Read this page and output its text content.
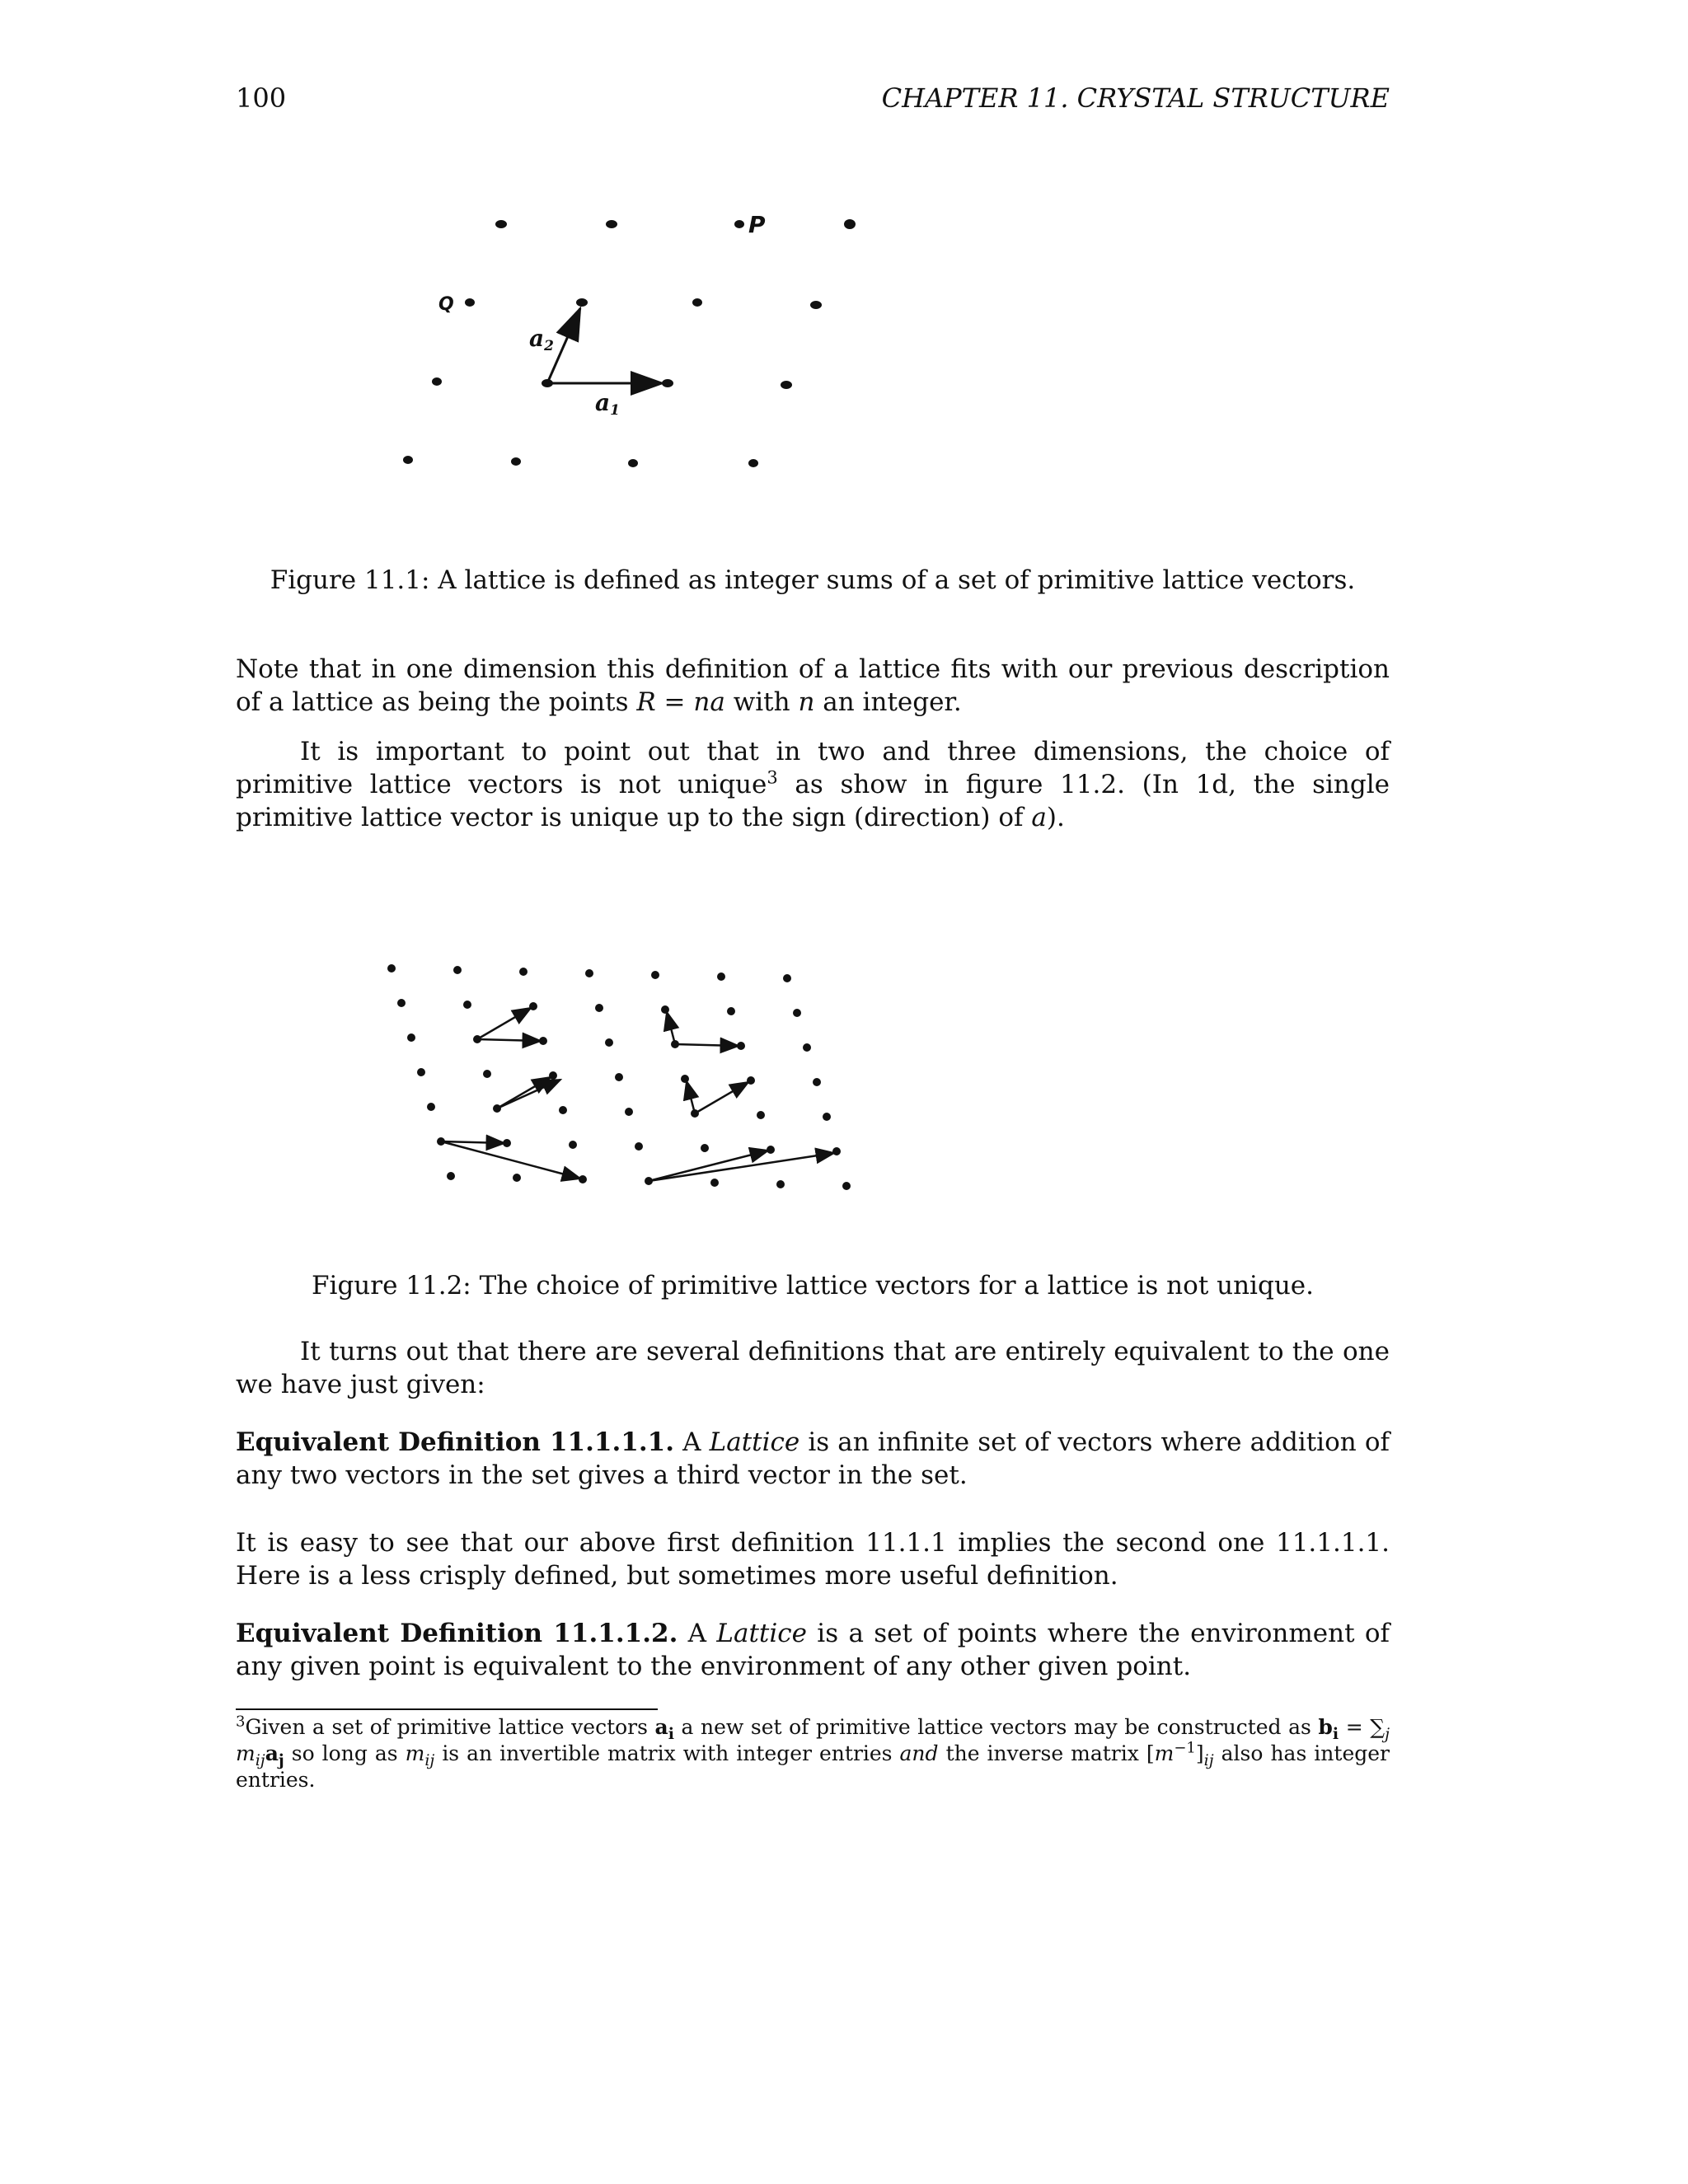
100	CHAPTER 11. CRYSTAL STRUCTURE
P
Q
a1
a2
Figure 11.1: A lattice is defined as integer sums of a set of primitive lattice vectors.
Note that in one dimension this definition of a lattice fits with our previous description of a lattice as being the points R = na with n an integer.
It is important to point out that in two and three dimensions, the choice of primitive lattice vectors is not unique$^3$ as show in figure 11.2. (In 1d, the single primitive lattice vector is unique up to the sign (direction) of a).
Figure 11.2: The choice of primitive lattice vectors for a lattice is not unique.
It turns out that there are several definitions that are entirely equivalent to the one we have just given:
Equivalent Definition 11.1.1.1. A Lattice is an infinite set of vectors where addition of any two vectors in the set gives a third vector in the set.
It is easy to see that our above first definition 11.1.1 implies the second one 11.1.1.1. Here is a less crisply defined, but sometimes more useful definition.
Equivalent Definition 11.1.1.2. A Lattice is a set of points where the environment of any given point is equivalent to the environment of any other given point.
$^3$Given a set of primitive lattice vectors $a_i$ a new set of primitive lattice vectors may be constructed as $b_i = \sum_j$ $m_{ij}a_j$ so long as $m_{ij}$ is an invertible matrix with integer entries and the inverse matrix $[m^{-1}]_{ij}$ also has integer entries.
